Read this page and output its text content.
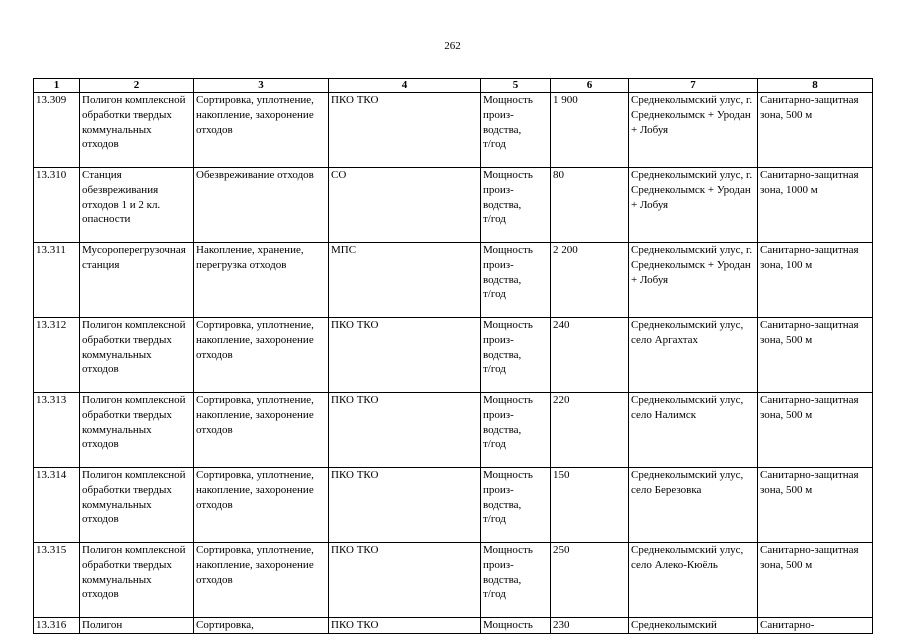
262
1	2	3	4	5	6	7	8
13.309	Полигон комплексной обработки твердых коммунальных отходов	Сортировка, уплотнение, накопление, захоронение отходов	ПКО ТКО	Мощность произ-
водства,
т/год	1 900	Среднеколымский улус, г. Среднеколымск + Уродан + Лобуя	Санитарно-защитная зона, 500 м
13.310	Станция обезвреживания отходов 1 и 2 кл. опасности	Обезвреживание отходов	СО	Мощность произ-
водства,
т/год	80	Среднеколымский улус, г. Среднеколымск + Уродан + Лобуя	Санитарно-защитная зона, 1000 м
13.311	Мусороперегрузочная станция	Накопление, хранение, перегрузка отходов	МПС	Мощность произ-
водства,
т/год	2 200	Среднеколымский улус, г. Среднеколымск + Уродан + Лобуя	Санитарно-защитная зона, 100 м
13.312	Полигон комплексной обработки твердых коммунальных отходов	Сортировка, уплотнение, накопление, захоронение отходов	ПКО ТКО	Мощность произ-
водства,
т/год	240	Среднеколымский улус, село Аргахтах	Санитарно-защитная зона, 500 м
13.313	Полигон комплексной обработки твердых коммунальных отходов	Сортировка, уплотнение, накопление, захоронение отходов	ПКО ТКО	Мощность произ-
водства,
т/год	220	Среднеколымский улус, село Налимск	Санитарно-защитная зона, 500 м
13.314	Полигон комплексной обработки твердых коммунальных отходов	Сортировка, уплотнение, накопление, захоронение отходов	ПКО ТКО	Мощность произ-
водства,
т/год	150	Среднеколымский улус, село Березовка	Санитарно-защитная зона, 500 м
13.315	Полигон комплексной обработки твердых коммунальных отходов	Сортировка, уплотнение, накопление, захоронение отходов	ПКО ТКО	Мощность произ-
водства,
т/год	250	Среднеколымский улус, село Алеко-Кюёль	Санитарно-защитная зона, 500 м
13.316	Полигон	Сортировка,	ПКО ТКО	Мощность	230	Среднеколымский	Санитарно-
